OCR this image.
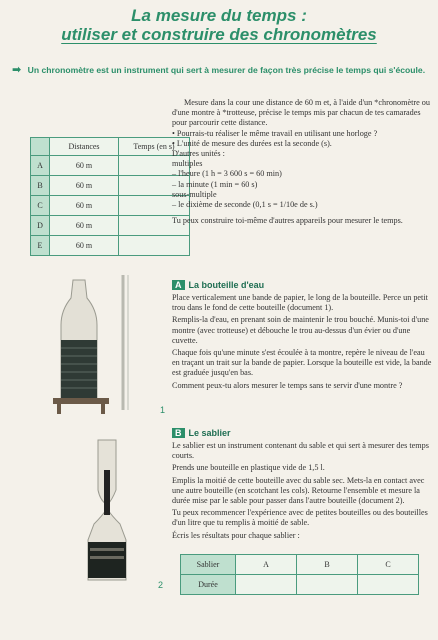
La mesure du temps :
utiliser et construire des chronomètres
➡ Un chronomètre est un instrument qui sert à mesurer de façon très précise le temps qui s'écoule.
	Distances	Temps (en s)
A	60 m	
B	60 m	
C	60 m	
D	60 m	
E	60 m	

Mesure dans la cour une distance de 60 m et, à l'aide d'un *chronomètre ou d'une montre à *trotteuse, précise le temps mis par chacun de tes camarades pour parcourir cette distance.

• Pourrais-tu réaliser le même travail en utilisant une horloge ?

• L'unité de mesure des durées est la seconde (s).

D'autres unités :

multiples

– l'heure (1 h = 3 600 s = 60 min)

– la minute (1 min = 60 s)

sous-multiple

– le dixième de seconde (0,1 s = 1/10e de s.)

Tu peux construire toi-même d'autres appareils pour mesurer le temps.

A La bouteille d'eau

Place verticalement une bande de papier, le long de la bouteille. Perce un petit trou dans le fond de cette bouteille (document 1).

Remplis-la d'eau, en prenant soin de maintenir le trou bouché. Munis-toi d'une montre (avec trotteuse) et débouche le trou au-dessus d'un évier ou d'une cuvette.

Chaque fois qu'une minute s'est écoulée à ta montre, repère le niveau de l'eau en traçant un trait sur la bande de papier. Lorsque la bouteille est vide, la bande est graduée jusqu'en bas.

Comment peux-tu alors mesurer le temps sans te servir d'une montre ?

B Le sablier

Le sablier est un instrument contenant du sable et qui sert à mesurer des temps courts.

Prends une bouteille en plastique vide de 1,5 l.

Emplis la moitié de cette bouteille avec du sable sec. Mets-la en contact avec une autre bouteille (en scotchant les cols). Retourne l'ensemble et mesure la durée mise par le sable pour passer dans l'autre bouteille (document 2).

Tu peux recommencer l'expérience avec de petites bouteilles ou des bouteilles d'un litre que tu remplis à moitié de sable.

Écris les résultats pour chaque sablier :

Sablier	A	B	C
Durée			
1
2
